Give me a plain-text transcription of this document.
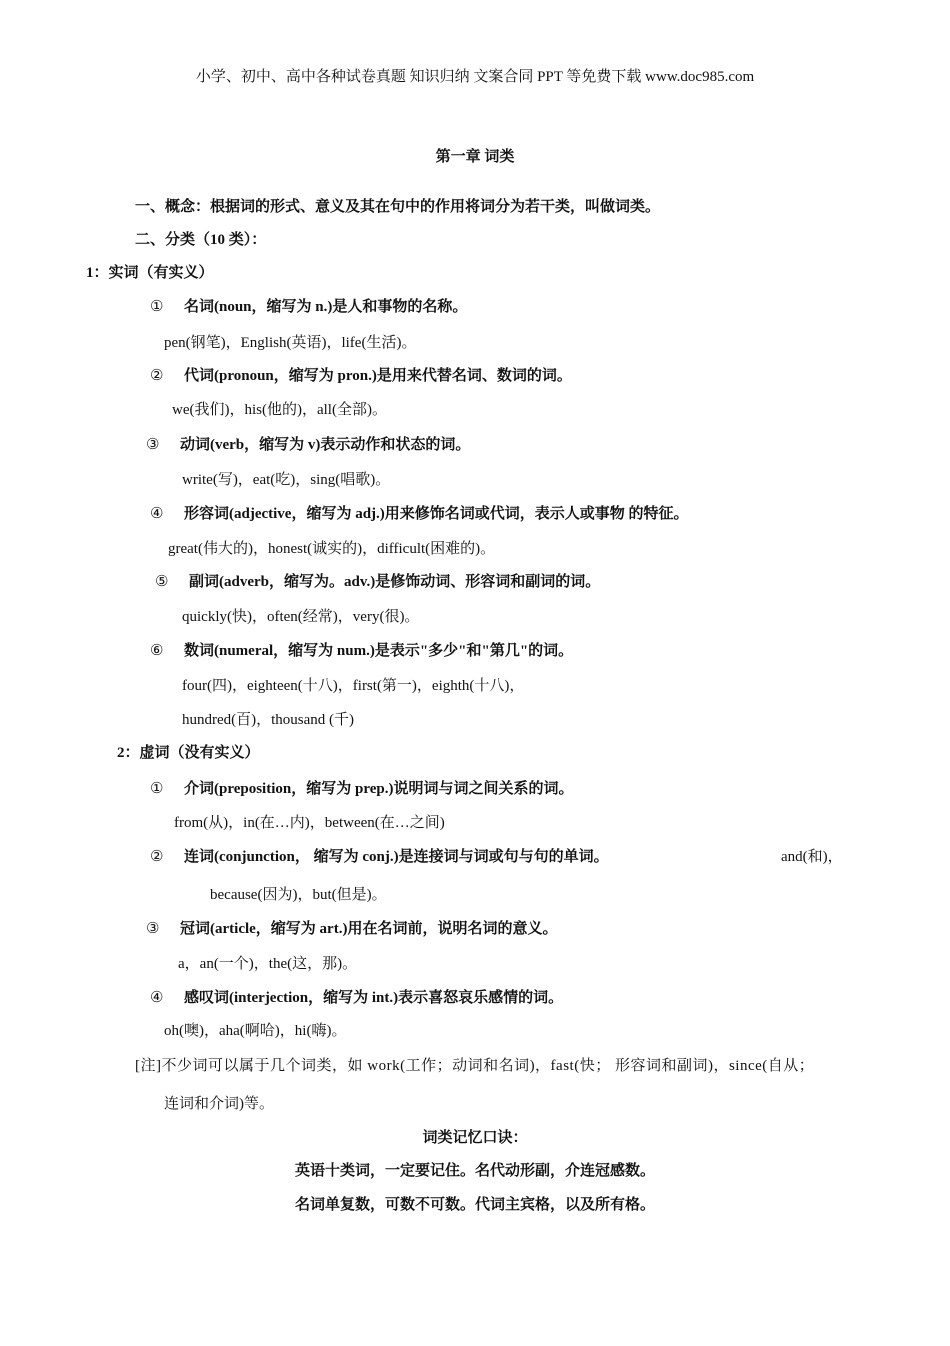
小学、初中、高中各种试卷真题 知识归纳 文案合同 PPT 等免费下载 www.doc985.com
第一章 词类
一、概念：根据词的形式、意义及其在句中的作用将词分为若干类，叫做词类。
二、分类（10 类）：
1：实词（有实义）
① 名词(noun，缩写为 n.)是人和事物的名称。
pen(钢笔)，English(英语)，life(生活)。
② 代词(pronoun，缩写为 pron.)是用来代替名词、数词的词。
we(我们)，his(他的)，all(全部)。
③ 动词(verb，缩写为 v)表示动作和状态的词。
write(写)，eat(吃)，sing(唱歌)。
④ 形容词(adjective，缩写为 adj.)用来修饰名词或代词，表示人或事物 的特征。
great(伟大的)，honest(诚实的)，difficult(困难的)。
⑤ 副词(adverb，缩写为。adv.)是修饰动词、形容词和副词的词。
quickly(快)，often(经常)，very(很)。
⑥ 数词(numeral，缩写为 num.)是表示"多少"和"第几"的词。
four(四)，eighteen(十八)，first(第一)，eighth(十八)，
hundred(百)，thousand (千)
2：虚词（没有实义）
① 介词(preposition，缩写为 prep.)说明词与词之间关系的词。
from(从)，in(在…内)，between(在…之间)
② 连词(conjunction， 缩写为 conj.)是连接词与词或句与句的单词。	and(和)，
because(因为)，but(但是)。
③ 冠词(article，缩写为 art.)用在名词前，说明名词的意义。
a，an(一个)，the(这，那)。
④ 感叹词(interjection，缩写为 int.)表示喜怒哀乐感情的词。
oh(噢)，aha(啊哈)，hi(嗨)。
[注]不少词可以属于几个词类，如 work(工作；动词和名词)，fast(快； 形容词和副词)，since(自从；
连词和介词)等。
词类记忆口诀：
英语十类词，一定要记住。名代动形副，介连冠感数。
名词单复数，可数不可数。代词主宾格，以及所有格。
